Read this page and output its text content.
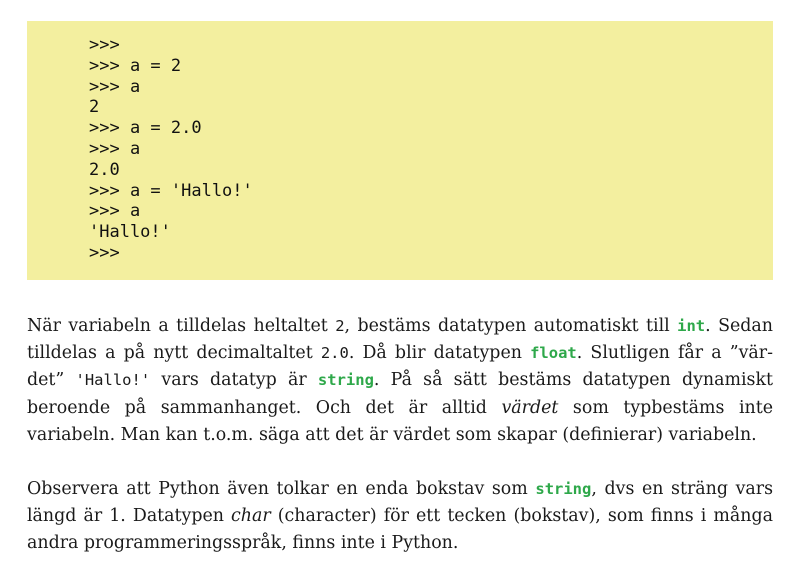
>>>

>>> a = 2

>>> a

2

>>> a = 2.0

>>> a

2.0

>>> a = 'Hallo!'

>>> a

'Hallo!'

>>>

När variabeln a tilldelas heltaltet 2, bestäms datatypen automatiskt till int. Sedan tilldelas a på nytt decimaltaltet 2.0. Då blir datatypen float. Slutligen får a ”vär-det” 'Hallo!' vars datatyp är string. På så sätt bestäms datatypen dynamiskt beroende på sammanhanget. Och det är alltid värdet som typbestäms inte variabeln. Man kan t.o.m. säga att det är värdet som skapar (definierar) variabeln.

Observera att Python även tolkar en enda bokstav som string, dvs en sträng vars längd är 1. Datatypen char (character) för ett tecken (bokstav), som finns i många andra programmeringsspråk, finns inte i Python.
